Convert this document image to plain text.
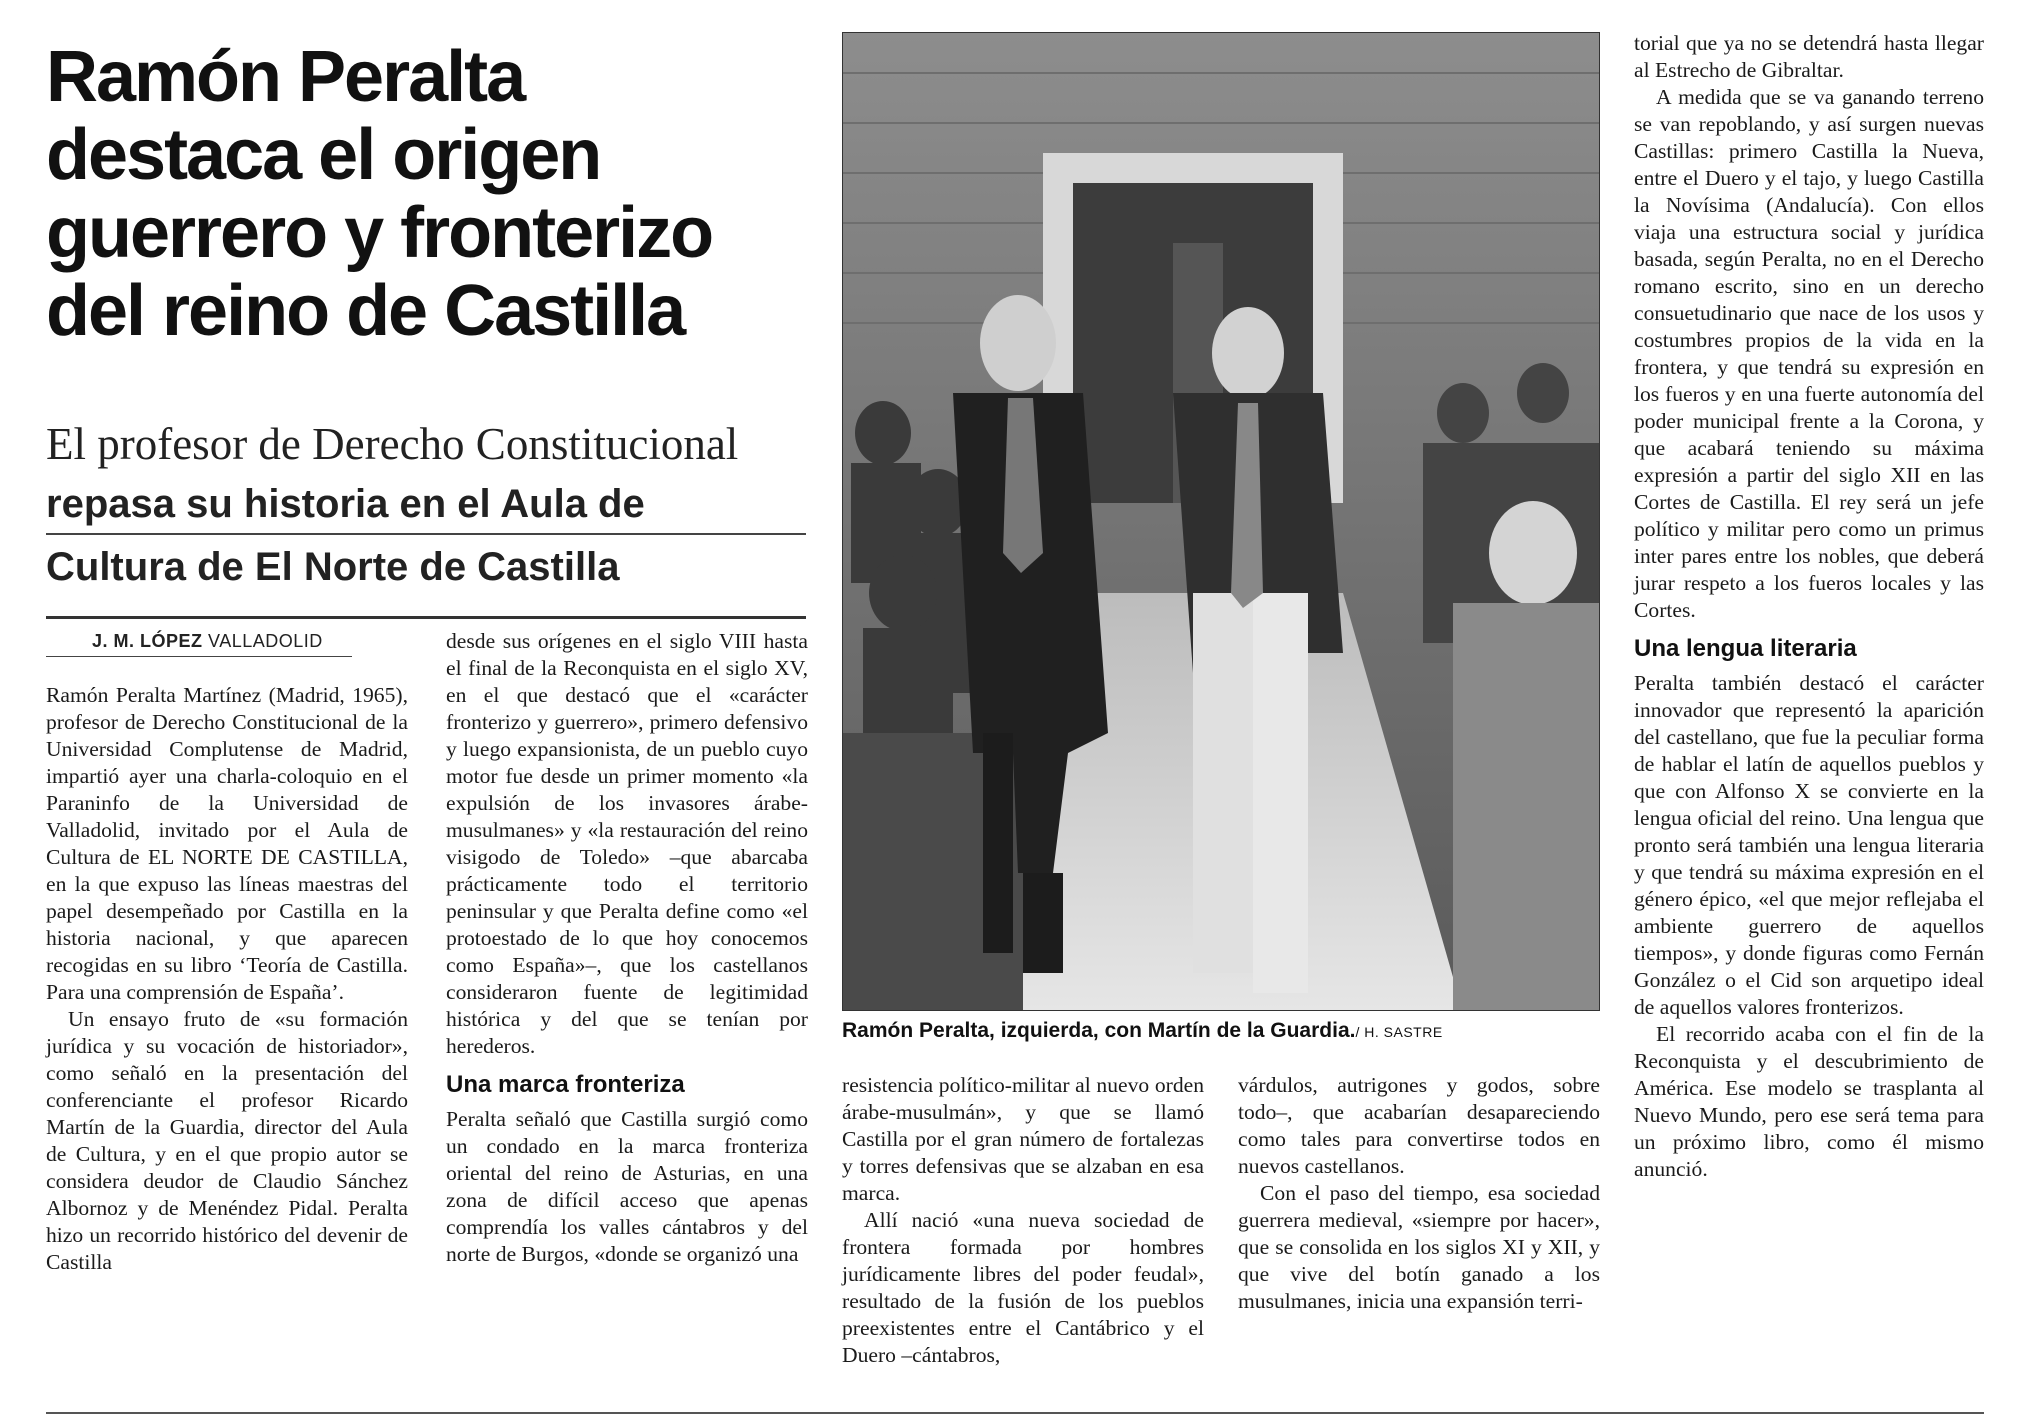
Ramón Peralta
destaca el origen
guerrero y fronterizo
del reino de Castilla
El profesor de Derecho Constitucional
repasa su historia en el Aula de
Cultura de El Norte de Castilla
J. M. LÓPEZ VALLADOLID

Ramón Peralta Martínez (Madrid, 1965), profesor de Derecho Constitucional de la Universidad Complutense de Madrid, impartió ayer una charla-coloquio en el Paraninfo de la Universidad de Valladolid, invitado por el Aula de Cultura de EL NORTE DE CASTILLA, en la que expuso las líneas maestras del papel desempeñado por Castilla en la historia nacional, y que aparecen recogidas en su libro ‘Teoría de Castilla. Para una comprensión de España’.

Un ensayo fruto de «su formación jurídica y su vocación de historiador», como señaló en la presentación del conferenciante el profesor Ricardo Martín de la Guardia, director del Aula de Cultura, y en el que propio autor se considera deudor de Claudio Sánchez Albornoz y de Menéndez Pidal. Peralta hizo un recorrido histórico del devenir de Castilla

desde sus orígenes en el siglo VIII hasta el final de la Reconquista en el siglo XV, en el que destacó que el «carácter fronterizo y guerrero», primero defensivo y luego expansionista, de un pueblo cuyo motor fue desde un primer momento «la expulsión de los invasores árabe-musulmanes» y «la restauración del reino visigodo de Toledo» –que abarcaba prácticamente todo el territorio peninsular y que Peralta define como «el protoestado de lo que hoy conocemos como España»–, que los castellanos consideraron fuente de legitimidad histórica y del que se tenían por herederos.

Una marca fronteriza

Peralta señaló que Castilla surgió como un condado en la marca fronteriza oriental del reino de Asturias, en una zona de difícil acceso que apenas comprendía los valles cántabros y del norte de Burgos, «donde se organizó una

Ramón Peralta, izquierda, con Martín de la Guardia./ H. SASTRE

resistencia político-militar al nuevo orden árabe-musulmán», y que se llamó Castilla por el gran número de fortalezas y torres defensivas que se alzaban en esa marca.

Allí nació «una nueva sociedad de frontera formada por hombres jurídicamente libres del poder feudal», resultado de la fusión de los pueblos preexistentes entre el Cantábrico y el Duero –cántabros,

várdulos, autrigones y godos, sobre todo–, que acabarían desapareciendo como tales para convertirse todos en nuevos castellanos.

Con el paso del tiempo, esa sociedad guerrera medieval, «siempre por hacer», que se consolida en los siglos XI y XII, y que vive del botín ganado a los musulmanes, inicia una expansión terri-

torial que ya no se detendrá hasta llegar al Estrecho de Gibraltar.

A medida que se va ganando terreno se van repoblando, y así surgen nuevas Castillas: primero Castilla la Nueva, entre el Duero y el tajo, y luego Castilla la Novísima (Andalucía). Con ellos viaja una estructura social y jurídica basada, según Peralta, no en el Derecho romano escrito, sino en un derecho consuetudinario que nace de los usos y costumbres propios de la vida en la frontera, y que tendrá su expresión en los fueros y en una fuerte autonomía del poder municipal frente a la Corona, y que acabará teniendo su máxima expresión a partir del siglo XII en las Cortes de Castilla. El rey será un jefe político y militar pero como un primus inter pares entre los nobles, que deberá jurar respeto a los fueros locales y las Cortes.

Una lengua literaria

Peralta también destacó el carácter innovador que representó la aparición del castellano, que fue la peculiar forma de hablar el latín de aquellos pueblos y que con Alfonso X se convierte en la lengua oficial del reino. Una lengua que pronto será también una lengua literaria y que tendrá su máxima expresión en el género épico, «el que mejor reflejaba el ambiente guerrero de aquellos tiempos», y donde figuras como Fernán González o el Cid son arquetipo ideal de aquellos valores fronterizos.

El recorrido acaba con el fin de la Reconquista y el descubrimiento de América. Ese modelo se trasplanta al Nuevo Mundo, pero ese será tema para un próximo libro, como él mismo anunció.
